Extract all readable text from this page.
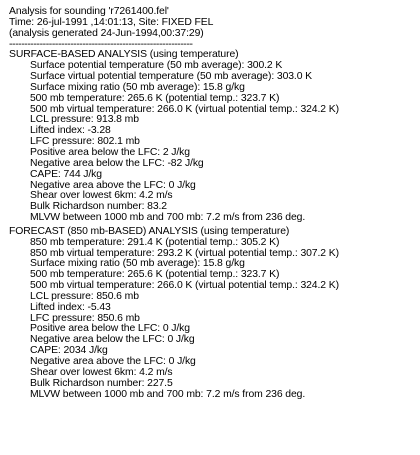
Analysis for sounding 'r7261400.fel'
Time: 26-jul-1991 ,14:01:13, Site: FIXED FEL
(analysis generated 24-Jun-1994,00:37:29)
------------------------------------------------------------
SURFACE-BASED ANALYSIS (using temperature)
Surface potential temperature (50 mb average): 300.2 K
Surface virtual potential temperature (50 mb average): 303.0 K
Surface mixing ratio (50 mb average): 15.8 g/kg
500 mb temperature: 265.6 K (potential temp.: 323.7 K)
500 mb virtual temperature: 266.0 K (virtual potential temp.: 324.2 K)
LCL pressure: 913.8 mb
Lifted index: -3.28
LFC pressure: 802.1 mb
Positive area below the LFC: 2 J/kg
Negative area below the LFC: -82 J/kg
CAPE: 744 J/kg
Negative area above the LFC: 0 J/kg
Shear over lowest 6km: 4.2 m/s
Bulk Richardson number: 83.2
MLVW between 1000 mb and 700 mb: 7.2 m/s from 236 deg.
FORECAST (850 mb-BASED) ANALYSIS (using temperature)
850 mb temperature: 291.4 K (potential temp.: 305.2 K)
850 mb virtual temperature: 293.2 K (virtual potential temp.: 307.2 K)
Surface mixing ratio (50 mb average): 15.8 g/kg
500 mb temperature: 265.6 K (potential temp.: 323.7 K)
500 mb virtual temperature: 266.0 K (virtual potential temp.: 324.2 K)
LCL pressure: 850.6 mb
Lifted index: -5.43
LFC pressure: 850.6 mb
Positive area below the LFC: 0 J/kg
Negative area below the LFC: 0 J/kg
CAPE: 2034 J/kg
Negative area above the LFC: 0 J/kg
Shear over lowest 6km: 4.2 m/s
Bulk Richardson number: 227.5
MLVW between 1000 mb and 700 mb: 7.2 m/s from 236 deg.
